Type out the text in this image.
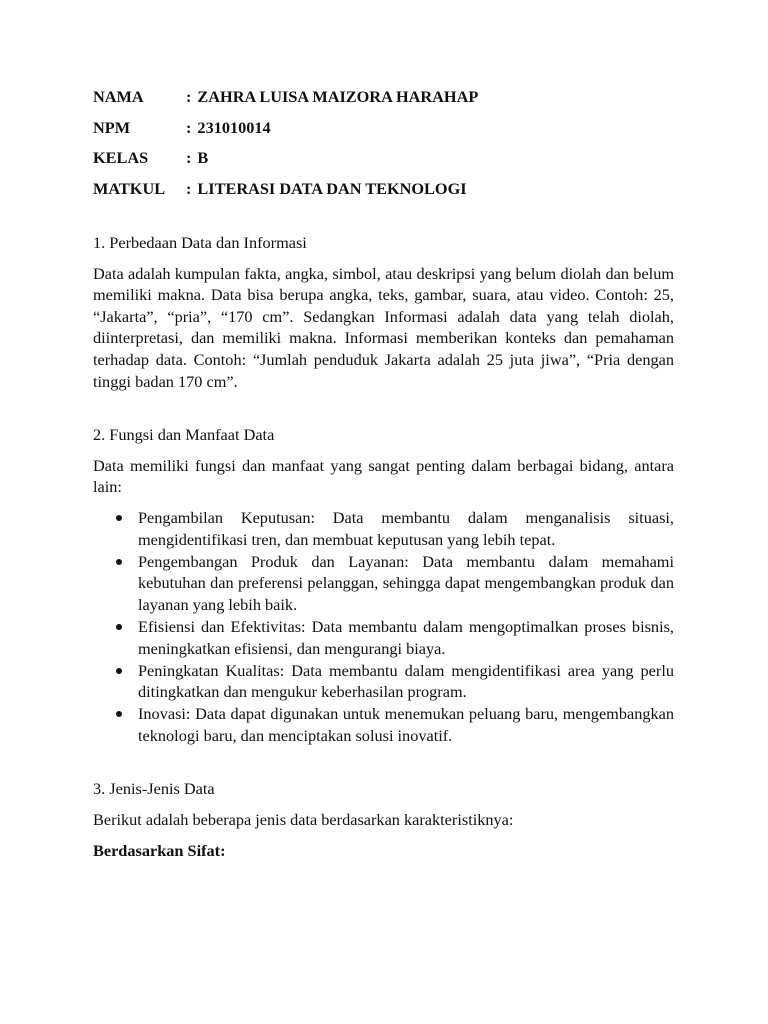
NAMA	: ZAHRA LUISA MAIZORA HARAHAP
NPM	: 231010014
KELAS	: B
MATKUL	: LITERASI DATA DAN TEKNOLOGI

1. Perbedaan Data dan Informasi

Data adalah kumpulan fakta, angka, simbol, atau deskripsi yang belum diolah dan belum memiliki makna. Data bisa berupa angka, teks, gambar, suara, atau video. Contoh: 25, “Jakarta”, “pria”, “170 cm”. Sedangkan Informasi adalah data yang telah diolah, diinterpretasi, dan memiliki makna. Informasi memberikan konteks dan pemahaman terhadap data. Contoh: “Jumlah penduduk Jakarta adalah 25 juta jiwa”, “Pria dengan tinggi badan 170 cm”.

2. Fungsi dan Manfaat Data

Data memiliki fungsi dan manfaat yang sangat penting dalam berbagai bidang, antara lain:

Pengambilan Keputusan: Data membantu dalam menganalisis situasi, mengidentifikasi tren, dan membuat keputusan yang lebih tepat.
Pengembangan Produk dan Layanan: Data membantu dalam memahami kebutuhan dan preferensi pelanggan, sehingga dapat mengembangkan produk dan layanan yang lebih baik.
Efisiensi dan Efektivitas: Data membantu dalam mengoptimalkan proses bisnis, meningkatkan efisiensi, dan mengurangi biaya.
Peningkatan Kualitas: Data membantu dalam mengidentifikasi area yang perlu ditingkatkan dan mengukur keberhasilan program.
Inovasi: Data dapat digunakan untuk menemukan peluang baru, mengembangkan teknologi baru, dan menciptakan solusi inovatif.

3. Jenis-Jenis Data

Berikut adalah beberapa jenis data berdasarkan karakteristiknya:

Berdasarkan Sifat:
